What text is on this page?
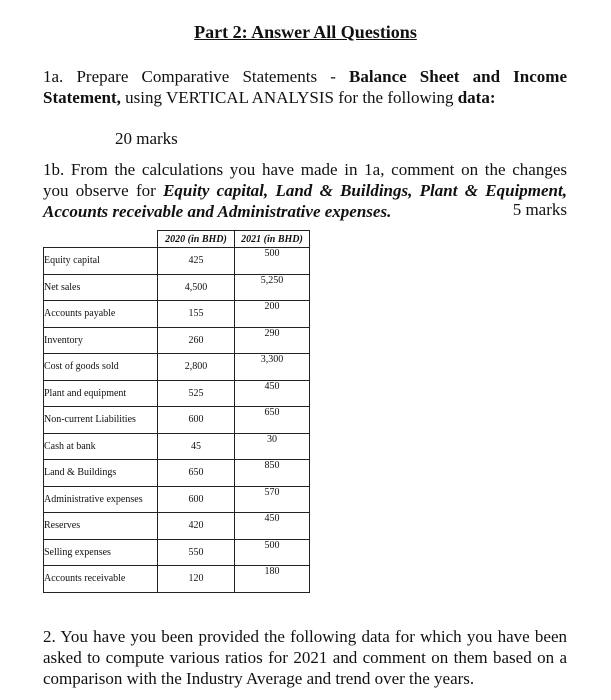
Part 2: Answer All Questions
1a. Prepare Comparative Statements - Balance Sheet and Income Statement, using VERTICAL ANALYSIS for the following data:
20 marks
1b. From the calculations you have made in 1a, comment on the changes you observe for Equity capital, Land & Buildings, Plant & Equipment, Accounts receivable and Administrative expenses.	5 marks
	2020 (in BHD)	2021 (in BHD)
Equity capital	425	500
Net sales	4,500	5,250
Accounts payable	155	200
Inventory	260	290
Cost of goods sold	2,800	3,300
Plant and equipment	525	450
Non-current Liabilities	600	650
Cash at bank	45	30
Land & Buildings	650	850
Administrative expenses	600	570
Reserves	420	450
Selling expenses	550	500
Accounts receivable	120	180
2. You have you been provided the following data for which you have been asked to compute various ratios for 2021 and comment on them based on a comparison with the Industry Average and trend over the years.
